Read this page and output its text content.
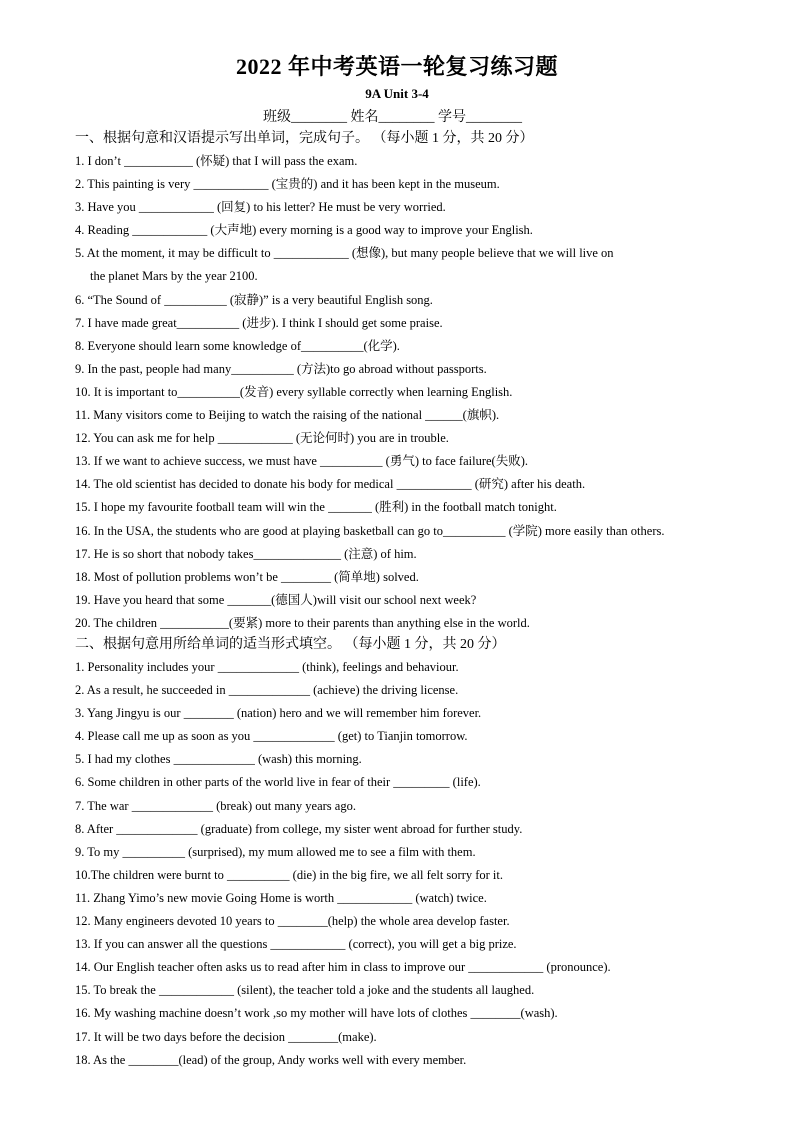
2022 年中考英语一轮复习练习题
9A Unit 3-4
班级________ 姓名________ 学号________
一、根据句意和汉语提示写出单词，完成句子。 （每小题 1 分，共 20 分）
1. I don’t ___________ (怀疑) that I will pass the exam.
2. This painting is very ____________ (宝贵的) and it has been kept in the museum.
3. Have you ____________ (回复) to his letter? He must be very worried.
4. Reading ____________ (大声地) every morning is a good way to improve your English.
5. At the moment, it may be difficult to ____________ (想像), but many people believe that we will live on
the planet Mars by the year 2100.
6. “The Sound of __________ (寂静)” is a very beautiful English song.
7. I have made great__________ (进步). I think I should get some praise.
8. Everyone should learn some knowledge of__________(化学).
9. In the past, people had many__________ (方法)to go abroad without passports.
10. It is important to__________(发音) every syllable correctly when learning English.
11. Many visitors come to Beijing to watch the raising of the national ______(旗帜).
12. You can ask me for help ____________ (无论何时) you are in trouble.
13. If we want to achieve success, we must have __________ (勇气) to face failure(失败).
14. The old scientist has decided to donate his body for medical ____________ (研究) after his death.
15. I hope my favourite football team will win the _______ (胜利) in the football match tonight.
16. In the USA, the students who are good at playing basketball can go to__________ (学院) more easily than others.
17. He is so short that nobody takes______________ (注意) of him.
18. Most of pollution problems won’t be ________ (简单地) solved.
19. Have you heard that some _______(德国人)will visit our school next week?
20. The children ___________(要紧) more to their parents than anything else in the world.
二、根据句意用所给单词的适当形式填空。 （每小题 1 分，共 20 分）
1. Personality includes your _____________ (think), feelings and behaviour.
2. As a result, he succeeded in _____________ (achieve) the driving license.
3. Yang Jingyu is our ________ (nation) hero and we will remember him forever.
4. Please call me up as soon as you _____________ (get) to Tianjin tomorrow.
5. I had my clothes _____________ (wash) this morning.
6. Some children in other parts of the world live in fear of their _________ (life).
7. The war _____________ (break) out many years ago.
8. After _____________ (graduate) from college, my sister went abroad for further study.
9. To my __________ (surprised), my mum allowed me to see a film with them.
10.The children were burnt to __________ (die) in the big fire, we all felt sorry for it.
11. Zhang Yimo’s new movie Going Home is worth ____________ (watch) twice.
12. Many engineers devoted 10 years to ________(help) the whole area develop faster.
13. If you can answer all the questions ____________ (correct), you will get a big prize.
14. Our English teacher often asks us to read after him in class to improve our ____________ (pronounce).
15. To break the ____________ (silent), the teacher told a joke and the students all laughed.
16. My washing machine doesn’t work ,so my mother will have lots of clothes ________(wash).
17. It will be two days before the decision ________(make).
18. As the ________(lead) of the group, Andy works well with every member.
